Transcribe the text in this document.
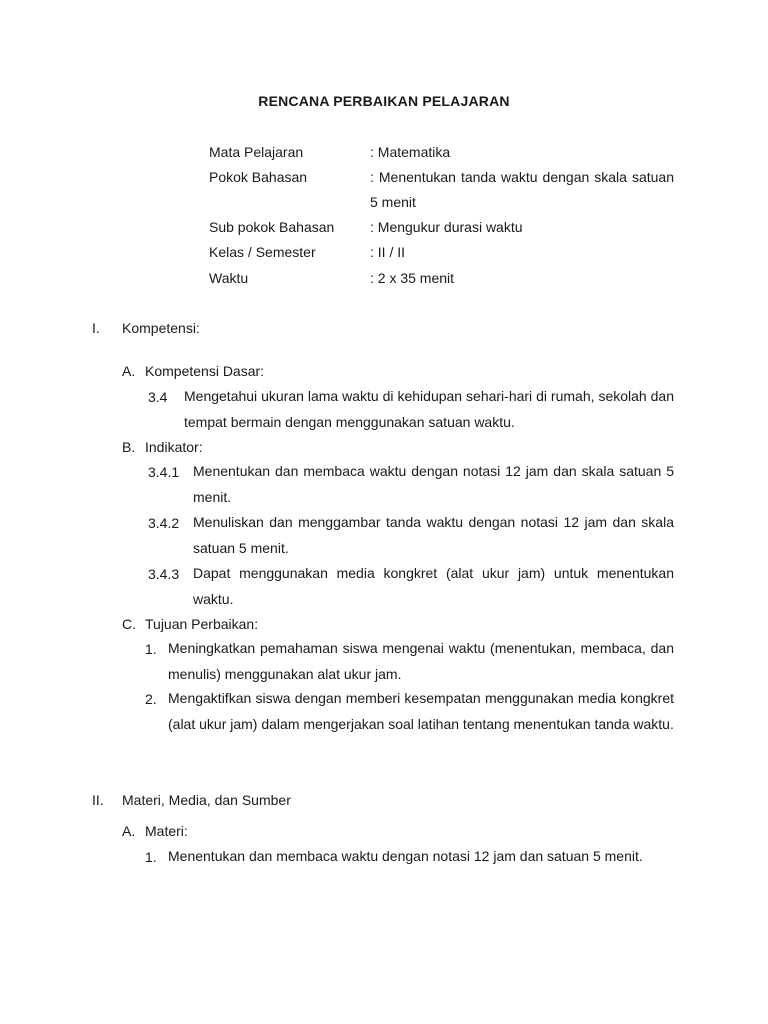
RENCANA PERBAIKAN PELAJARAN
Mata Pelajaran	: Matematika
Pokok Bahasan	: Menentukan tanda waktu dengan skala satuan 5 menit
Sub pokok Bahasan	: Mengukur durasi waktu
Kelas / Semester	: II / II
Waktu	: 2 x 35 menit
I. Kompetensi:
A. Kompetensi Dasar:
3.4 Mengetahui ukuran lama waktu di kehidupan sehari-hari di rumah, sekolah dan tempat bermain dengan menggunakan satuan waktu.
B. Indikator:
3.4.1 Menentukan dan membaca waktu dengan notasi 12 jam dan skala satuan 5 menit.
3.4.2 Menuliskan dan menggambar tanda waktu dengan notasi 12 jam dan skala satuan 5 menit.
3.4.3 Dapat menggunakan media kongkret (alat ukur jam) untuk menentukan waktu.
C. Tujuan Perbaikan:
1. Meningkatkan pemahaman siswa mengenai waktu (menentukan, membaca, dan menulis) menggunakan alat ukur jam.
2. Mengaktifkan siswa dengan memberi kesempatan menggunakan media kongkret (alat ukur jam) dalam mengerjakan soal latihan tentang menentukan tanda waktu.
II. Materi, Media, dan Sumber
A. Materi:
1. Menentukan dan membaca waktu dengan notasi 12 jam dan satuan 5 menit.
